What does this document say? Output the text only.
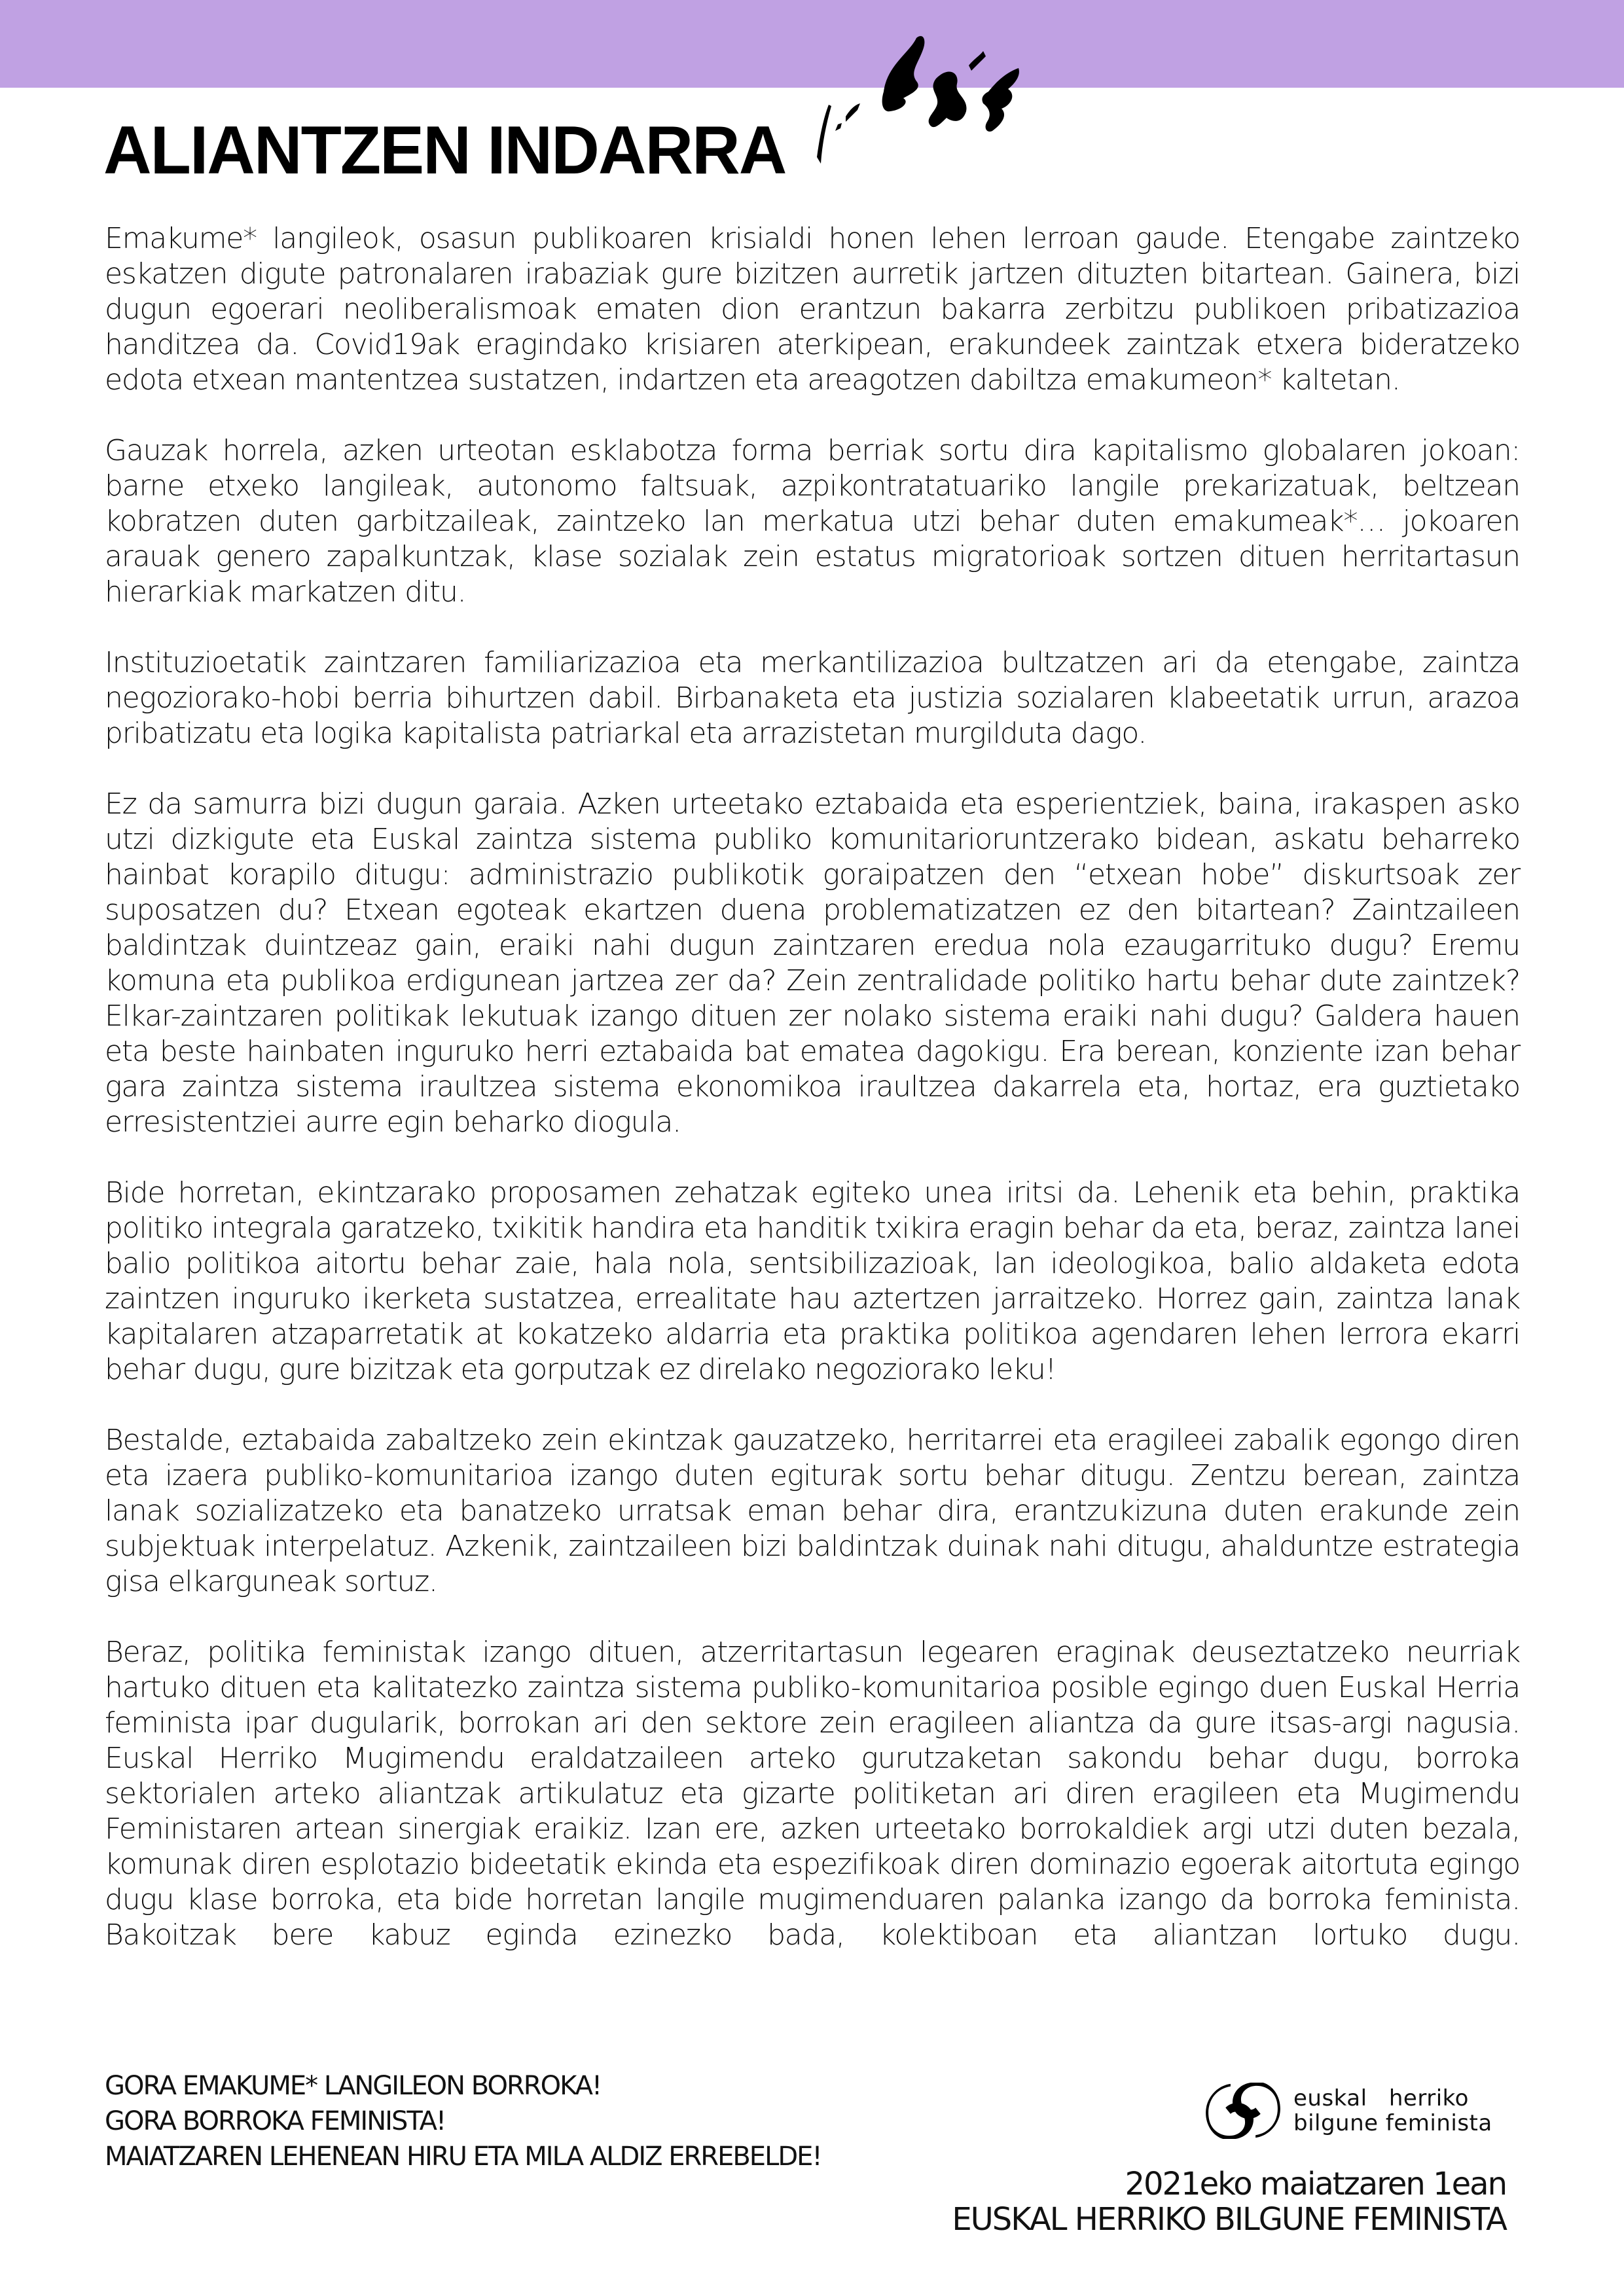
ALIANTZEN INDARRA

Emakume* langileok, osasun publikoaren krisialdi honen lehen lerroan gaude. Etengabe zaintzeko eskatzen digute patronalaren irabaziak gure bizitzen aurretik jartzen dituzten bitartean. Gainera, bizi dugun egoerari neoliberalismoak ematen dion erantzun bakarra zerbitzu publikoen pribatizazioa handitzea da. Covid19ak eragindako krisiaren aterkipean, erakundeek zaintzak etxera bideratzeko edota etxean mantentzea sustatzen, indartzen eta areagotzen dabiltza emakumeon* kaltetan.

Gauzak horrela, azken urteotan esklabotza forma berriak sortu dira kapitalismo globalaren jokoan: barne etxeko langileak, autonomo faltsuak, azpikontratatuariko langile prekarizatuak, beltzean kobratzen duten garbitzaileak, zaintzeko lan merkatua utzi behar duten emakumeak*… jokoaren arauak genero zapalkuntzak, klase sozialak zein estatus migratorioak sortzen dituen herritartasun hierarkiak markatzen ditu.

Instituzioetatik zaintzaren familiarizazioa eta merkantilizazioa bultzatzen ari da etengabe, zaintza negoziorako-hobi berria bihurtzen dabil. Birbanaketa eta justizia sozialaren klabeetatik urrun, arazoa pribatizatu eta logika kapitalista patriarkal eta arrazistetan murgilduta dago.

Ez da samurra bizi dugun garaia. Azken urteetako eztabaida eta esperientziek, baina, irakaspen asko utzi dizkigute eta Euskal zaintza sistema publiko komunitarioruntzerako bidean, askatu beharreko hainbat korapilo ditugu: administrazio publikotik goraipatzen den “etxean hobe” diskurtsoak zer suposatzen du? Etxean egoteak ekartzen duena problematizatzen ez den bitartean? Zaintzaileen baldintzak duintzeaz gain, eraiki nahi dugun zaintzaren eredua nola ezaugarrituko dugu? Eremu komuna eta publikoa erdigunean jartzea zer da? Zein zentralidade politiko hartu behar dute zaintzek? Elkar-zaintzaren politikak lekutuak izango dituen zer nolako sistema eraiki nahi dugu? Galdera hauen eta beste hainbaten inguruko herri eztabaida bat ematea dagokigu. Era berean, konziente izan behar gara zaintza sistema iraultzea sistema ekonomikoa iraultzea dakarrela eta, hortaz, era guztietako erresistentziei aurre egin beharko diogula.

Bide horretan, ekintzarako proposamen zehatzak egiteko unea iritsi da. Lehenik eta behin, praktika politiko integrala garatzeko, txikitik handira eta handitik txikira eragin behar da eta, beraz, zaintza lanei balio politikoa aitortu behar zaie, hala nola, sentsibilizazioak, lan ideologikoa, balio aldaketa edota zaintzen inguruko ikerketa sustatzea, errealitate hau aztertzen jarraitzeko. Horrez gain, zaintza lanak kapitalaren atzaparretatik at kokatzeko aldarria eta praktika politikoa agendaren lehen lerrora ekarri behar dugu, gure bizitzak eta gorputzak ez direlako negoziorako leku!

Bestalde, eztabaida zabaltzeko zein ekintzak gauzatzeko, herritarrei eta eragileei zabalik egongo diren eta izaera publiko-komunitarioa izango duten egiturak sortu behar ditugu. Zentzu berean, zaintza lanak sozializatzeko eta banatzeko urratsak eman behar dira, erantzukizuna duten erakunde zein subjektuak interpelatuz. Azkenik, zaintzaileen bizi baldintzak duinak nahi ditugu, ahalduntze estrategia gisa elkarguneak sortuz.

Beraz, politika feministak izango dituen, atzerritartasun legearen eraginak deuseztatzeko neurriak hartuko dituen eta kalitatezko zaintza sistema publiko-komunitarioa posible egingo duen Euskal Herria feminista ipar dugularik, borrokan ari den sektore zein eragileen aliantza da gure itsas-argi nagusia. Euskal Herriko Mugimendu eraldatzaileen arteko gurutzaketan sakondu behar dugu, borroka sektorialen arteko aliantzak artikulatuz eta gizarte politiketan ari diren eragileen eta Mugimendu Feministaren artean sinergiak eraikiz. Izan ere, azken urteetako borrokaldiek argi utzi duten bezala, komunak diren esplotazio bideetatik ekinda eta espezifikoak diren dominazio egoerak aitortuta egingo dugu klase borroka, eta bide horretan langile mugimenduaren palanka izango da borroka feminista. Bakoitzak bere kabuz eginda ezinezko bada, kolektiboan eta aliantzan lortuko dugu.

GORA EMAKUME* LANGILEON BORROKA!
GORA BORROKA FEMINISTA!
MAIATZAREN LEHENEAN HIRU ETA MILA ALDIZ ERREBELDE!
euskal herriko
bilgune feminista
2021eko maiatzaren 1ean
EUSKAL HERRIKO BILGUNE FEMINISTA
